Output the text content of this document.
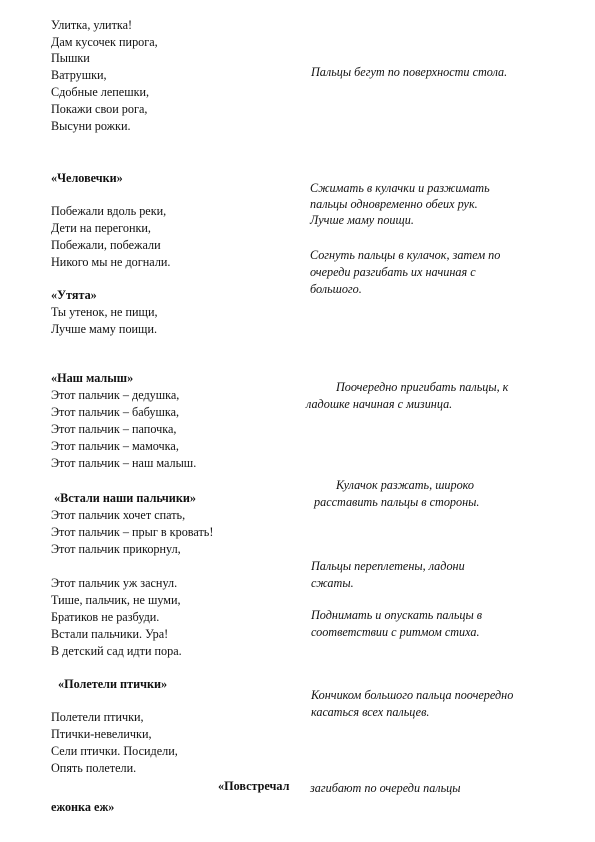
Улитка, улитка!
Дам кусочек пирога,
Пышки
Ватрушки,
Сдобные лепешки,
Покажи свои рога,
Высуни рожки.
«Человечки»
Побежали вдоль реки,
Дети на перегонки,
Побежали, побежали
Никого мы не догнали.
«Утята»
Ты утенок, не пищи,
Лучше маму поищи.
«Наш малыш»
Этот пальчик – дедушка,
Этот пальчик – бабушка,
Этот пальчик – папочка,
Этот пальчик – мамочка,
Этот пальчик – наш малыш.
«Встали наши пальчики»
Этот пальчик хочет спать,
Этот пальчик – прыг в кровать!
Этот пальчик прикорнул,
Этот пальчик уж заснул.
Тише, пальчик, не шуми,
Братиков не разбуди.
Встали пальчики. Ура!
В детский сад идти пора.
«Полетели птички»
Полетели птички,
Птички-невелички,
Сели птички. Посидели,
Опять полетели.
«Повстречал
ежонка еж»
Пальцы бегут по поверхности стола.
Сжимать в кулачки и разжимать
пальцы одновременно обеих рук.
Лучше маму поищи.
Согнуть пальцы в кулачок, затем по
очереди разгибать их начиная с
большого.
Поочередно пригибать пальцы, к
ладошке начиная с мизинца.
Кулачок разжать, широко
расставить пальцы в стороны.
Пальцы переплетены, ладони
сжаты.
Поднимать и опускать пальцы в
соответствии с ритмом стиха.
Кончиком большого пальца поочередно
касаться всех пальцев.
загибают по очереди пальцы
